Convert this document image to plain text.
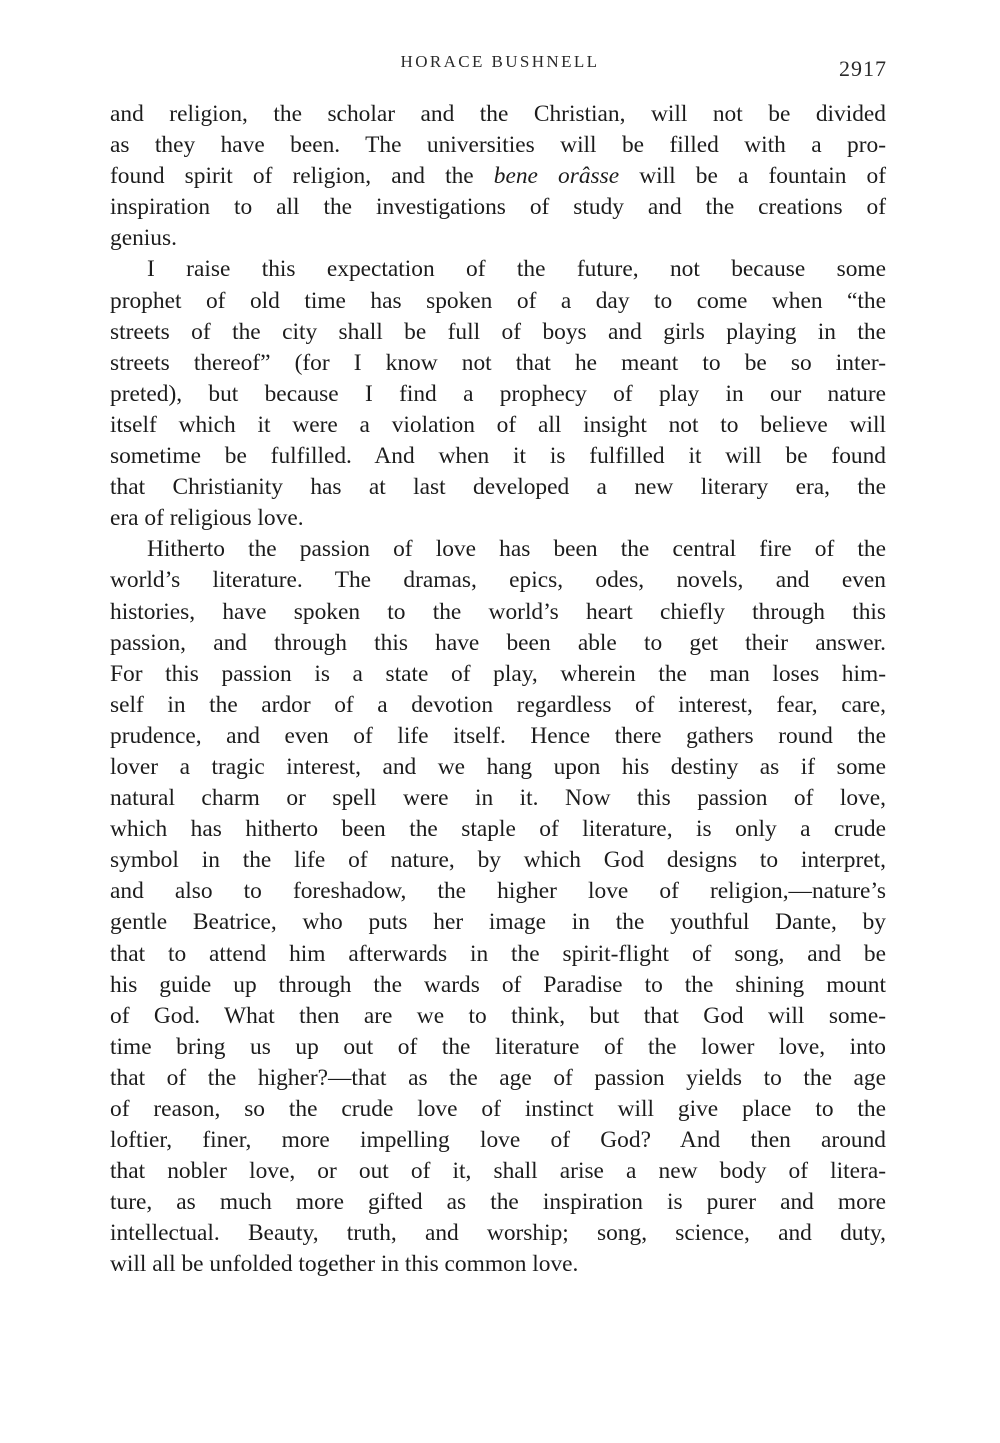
HORACE BUSHNELL	2917
and religion, the scholar and the Christian, will not be divided
as they have been. The universities will be filled with a pro-
found spirit of religion, and the bene orâsse will be a fountain of
inspiration to all the investigations of study and the creations of
genius.
I raise this expectation of the future, not because some
prophet of old time has spoken of a day to come when “the
streets of the city shall be full of boys and girls playing in the
streets thereof” (for I know not that he meant to be so inter-
preted), but because I find a prophecy of play in our nature
itself which it were a violation of all insight not to believe will
sometime be fulfilled. And when it is fulfilled it will be found
that Christianity has at last developed a new literary era, the
era of religious love.
Hitherto the passion of love has been the central fire of the
world’s literature. The dramas, epics, odes, novels, and even
histories, have spoken to the world’s heart chiefly through this
passion, and through this have been able to get their answer.
For this passion is a state of play, wherein the man loses him-
self in the ardor of a devotion regardless of interest, fear, care,
prudence, and even of life itself. Hence there gathers round the
lover a tragic interest, and we hang upon his destiny as if some
natural charm or spell were in it. Now this passion of love,
which has hitherto been the staple of literature, is only a crude
symbol in the life of nature, by which God designs to interpret,
and also to foreshadow, the higher love of religion,—nature’s
gentle Beatrice, who puts her image in the youthful Dante, by
that to attend him afterwards in the spirit-flight of song, and be
his guide up through the wards of Paradise to the shining mount
of God. What then are we to think, but that God will some-
time bring us up out of the literature of the lower love, into
that of the higher?—that as the age of passion yields to the age
of reason, so the crude love of instinct will give place to the
loftier, finer, more impelling love of God? And then around
that nobler love, or out of it, shall arise a new body of litera-
ture, as much more gifted as the inspiration is purer and more
intellectual. Beauty, truth, and worship; song, science, and duty,
will all be unfolded together in this common love.
